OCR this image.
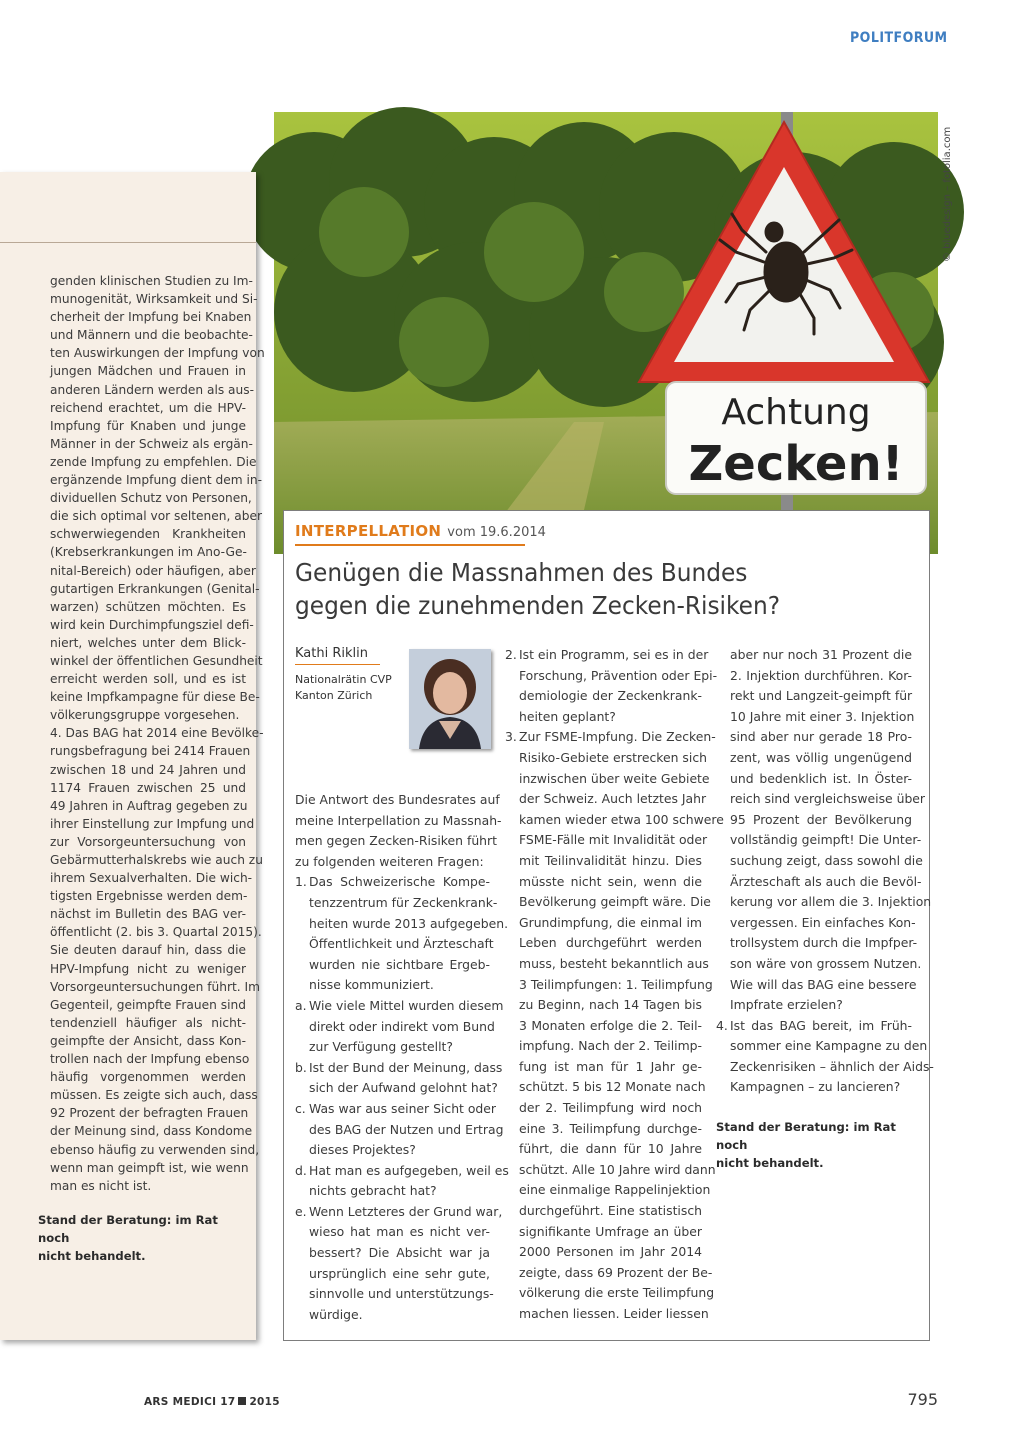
POLITFORUM
Achtung
Zecken!
© bluedesign – fotolia.com
genden klinischen Studien zu Im-
munogenität, Wirksamkeit und Si-
cherheit der Impfung bei Knaben
und Männern und die beobachte-
ten Auswirkungen der Impfung von
jungen Mädchen und Frauen in
anderen Ländern werden als aus-
reichend erachtet, um die HPV-
Impfung für Knaben und junge
Männer in der Schweiz als ergän-
zende Impfung zu empfehlen. Die
ergänzende Impfung dient dem in-
dividuellen Schutz von Personen,
die sich optimal vor seltenen, aber
schwerwiegenden Krankheiten
(Krebserkrankungen im Ano-Ge-
nital-Bereich) oder häufigen, aber
gutartigen Erkrankungen (Genital-
warzen) schützen möchten. Es
wird kein Durchimpfungsziel defi-
niert, welches unter dem Blick-
winkel der öffentlichen Gesundheit
erreicht werden soll, und es ist
keine Impfkampagne für diese Be-
völkerungsgruppe vorgesehen.
4. Das BAG hat 2014 eine Bevölke-
rungsbefragung bei 2414 Frauen
zwischen 18 und 24 Jahren und
1174 Frauen zwischen 25 und
49 Jahren in Auftrag gegeben zu
ihrer Einstellung zur Impfung und
zur Vorsorgeuntersuchung von
Gebärmutterhalskrebs wie auch zu
ihrem Sexualverhalten. Die wich-
tigsten Ergebnisse werden dem-
nächst im Bulletin des BAG ver-
öffentlicht (2. bis 3. Quartal 2015).
Sie deuten darauf hin, dass die
HPV-Impfung nicht zu weniger
Vorsorgeuntersuchungen führt. Im
Gegenteil, geimpfte Frauen sind
tendenziell häufiger als nicht-
geimpfte der Ansicht, dass Kon-
trollen nach der Impfung ebenso
häufig vorgenommen werden
müssen. Es zeigte sich auch, dass
92 Prozent der befragten Frauen
der Meinung sind, dass Kondome
ebenso häufig zu verwenden sind,
wenn man geimpft ist, wie wenn
man es nicht ist.
Stand der Beratung: im Rat noch
nicht behandelt.
INTERPELLATION vom 19.6.2014
Genügen die Massnahmen des Bundes
gegen die zunehmenden Zecken-Risiken?
Kathi Riklin
Nationalrätin CVP
Kanton Zürich
Die Antwort des Bundesrates auf
meine Interpellation zu Massnah-
men gegen Zecken-Risiken führt
zu folgenden weiteren Fragen:
1. Das Schweizerische Kompe-
tenzzentrum für Zeckenkrank-
heiten wurde 2013 aufgegeben.
Öffentlichkeit und Ärzteschaft
wurden nie sichtbare Ergeb-
nisse kommuniziert.
a. Wie viele Mittel wurden diesem
direkt oder indirekt vom Bund
zur Verfügung gestellt?
b. Ist der Bund der Meinung, dass
sich der Aufwand gelohnt hat?
c. Was war aus seiner Sicht oder
des BAG der Nutzen und Ertrag
dieses Projektes?
d. Hat man es aufgegeben, weil es
nichts gebracht hat?
e. Wenn Letzteres der Grund war,
wieso hat man es nicht ver-
bessert? Die Absicht war ja
ursprünglich eine sehr gute,
sinnvolle und unterstützungs-
würdige.
2. Ist ein Programm, sei es in der
Forschung, Prävention oder Epi-
demiologie der Zeckenkrank-
heiten geplant?
3. Zur FSME-Impfung. Die Zecken-
Risiko-Gebiete erstrecken sich
inzwischen über weite Gebiete
der Schweiz. Auch letztes Jahr
kamen wieder etwa 100 schwere
FSME-Fälle mit Invalidität oder
mit Teilinvalidität hinzu. Dies
müsste nicht sein, wenn die
Bevölkerung geimpft wäre. Die
Grundimpfung, die einmal im
Leben durchgeführt werden
muss, besteht bekanntlich aus
3 Teilimpfungen: 1. Teilimpfung
zu Beginn, nach 14 Tagen bis
3 Monaten erfolge die 2. Teil-
impfung. Nach der 2. Teilimp-
fung ist man für 1 Jahr ge-
schützt. 5 bis 12 Monate nach
der 2. Teilimpfung wird noch
eine 3. Teilimpfung durchge-
führt, die dann für 10 Jahre
schützt. Alle 10 Jahre wird dann
eine einmalige Rappelinjektion
durchgeführt. Eine statistisch
signifikante Umfrage an über
2000 Personen im Jahr 2014
zeigte, dass 69 Prozent der Be-
völkerung die erste Teilimpfung
machen liessen. Leider liessen
aber nur noch 31 Prozent die
2. Injektion durchführen. Kor-
rekt und Langzeit-geimpft für
10 Jahre mit einer 3. Injektion
sind aber nur gerade 18 Pro-
zent, was völlig ungenügend
und bedenklich ist. In Öster-
reich sind vergleichsweise über
95 Prozent der Bevölkerung
vollständig geimpft! Die Unter-
suchung zeigt, dass sowohl die
Ärzteschaft als auch die Bevöl-
kerung vor allem die 3. Injektion
vergessen. Ein einfaches Kon-
trollsystem durch die Impfper-
son wäre von grossem Nutzen.
Wie will das BAG eine bessere
Impfrate erzielen?
4. Ist das BAG bereit, im Früh-
sommer eine Kampagne zu den
Zeckenrisiken – ähnlich der Aids-
Kampagnen – zu lancieren?
Stand der Beratung: im Rat noch
nicht behandelt.
ARS MEDICI 17 2015	795
